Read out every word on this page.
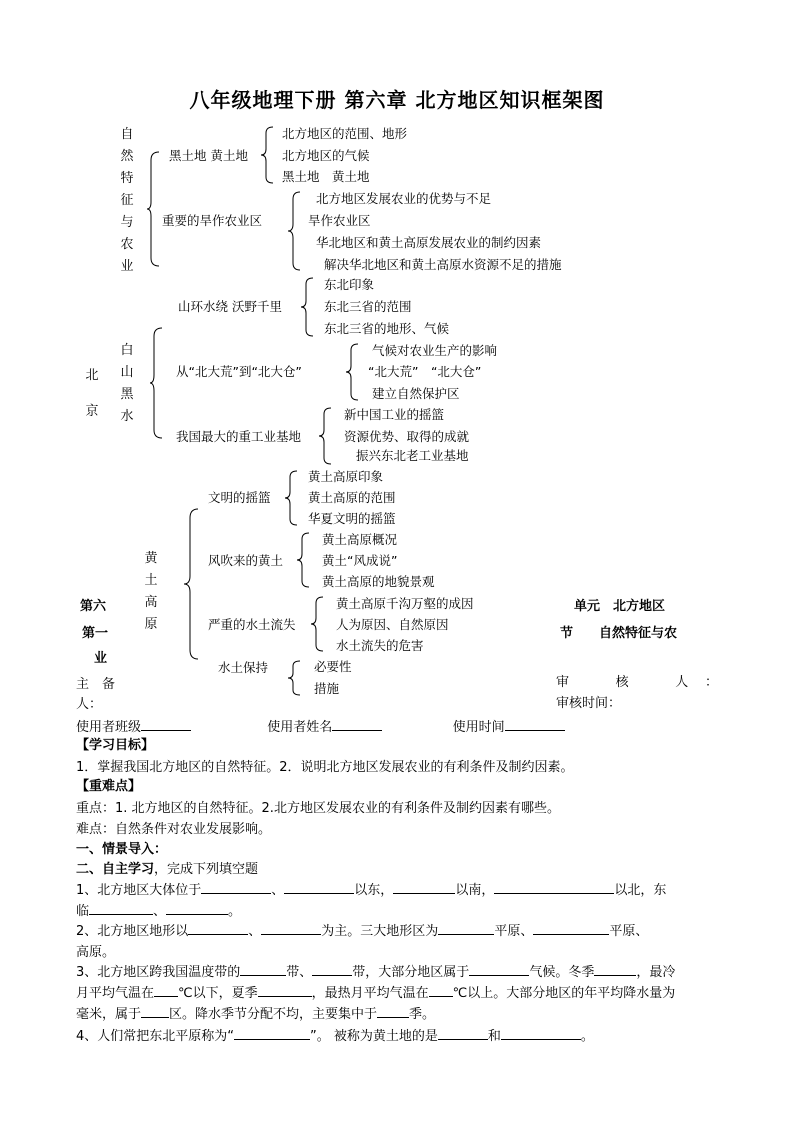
八年级地理下册 第六章 北方地区知识框架图
自然特征与农业
黑土地 黄土地
北方地区的范围、地形
北方地区的气候
黑土地　黄土地
重要的旱作农业区
北方地区发展农业的优势与不足
旱作农业区
华北地区和黄土高原发展农业的制约因素
解决华北地区和黄土高原水资源不足的措施
北京
白山黑水
山环水绕 沃野千里
东北印象
东北三省的范围
东北三省的地形、气候
从“北大荒”到“北大仓”
气候对农业生产的影响
“北大荒”　“北大仓”
建立自然保护区
我国最大的重工业基地
新中国工业的摇篮
资源优势、取得的成就
振兴东北老工业基地
黄土高原
文明的摇篮
黄土高原印象
黄土高原的范围
华夏文明的摇篮
风吹来的黄土
黄土高原概况
黄土“风成说”
黄土高原的地貌景观
严重的水土流失
黄土高原千沟万壑的成因
人为原因、自然原因
水土流失的危害
水土保持	必要性
措施
第六
第一
业
单元　北方地区
节　　自然特征与农
主　备　人：
审　核　人：
审核时间：
使用者班级	使用者姓名	使用时间
【学习目标】
1．掌握我国北方地区的自然特征。2．说明北方地区发展农业的有利条件及制约因素。
【重难点】
重点：1. 北方地区的自然特征。2.北方地区发展农业的有利条件及制约因素有哪些。
难点：自然条件对农业发展影响。
一、情景导入：
二、自主学习，完成下列填空题
1、北方地区大体位于	、	以东，	以南，	以北，东
临	、	。
2、北方地区地形以	、	为主。三大地形区为	平原、	平原、
高原。
3、北方地区跨我国温度带的	带、	带，大部分地区属于	气候。冬季	，最冷
月平均气温在 ℃以下，夏季	，最热月平均气温在 ℃以上。大部分地区的年平均降水量为
毫米，属于 区。降水季节分配不均，主要集中于 季。
4、人们常把东北平原称为“	”。 被称为黄土地的是	和	。
